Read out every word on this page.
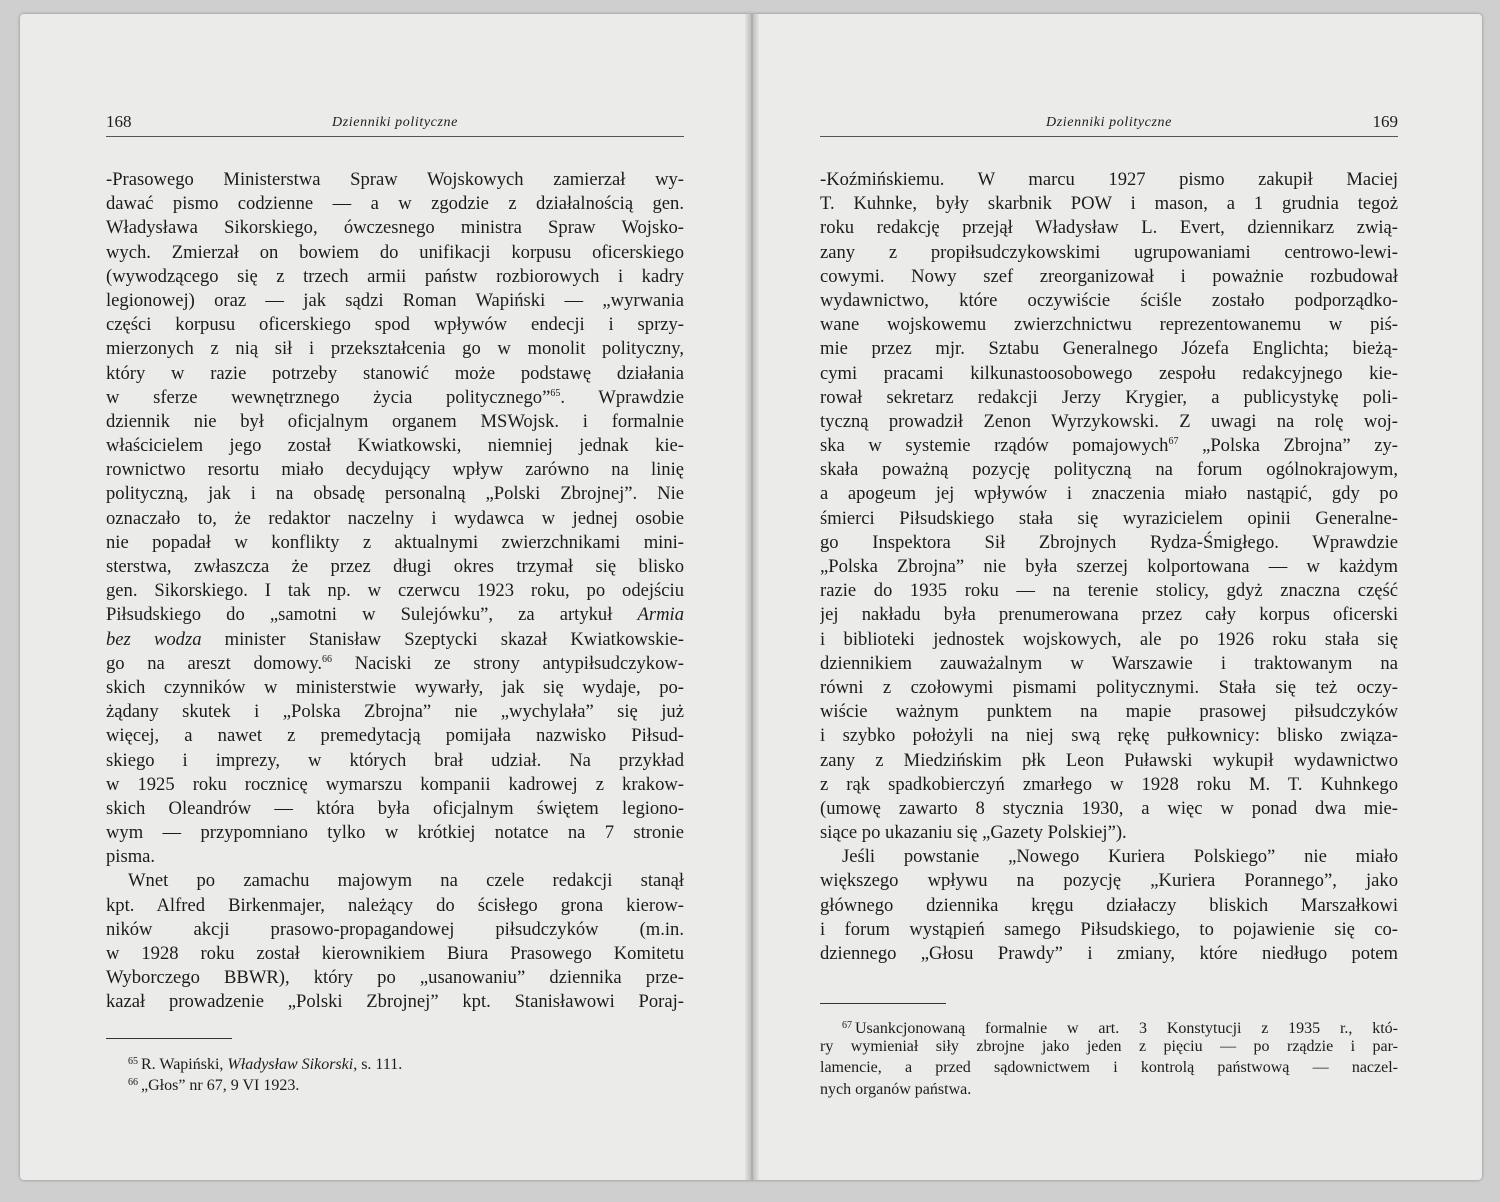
168	Dziennikі polityczne
-Prasowego Ministerstwa Spraw Wojskowych zamierzał wy-
dawać pismo codzienne — a w zgodzie z działalnością gen.
Władysława Sikorskiego, ówczesnego ministra Spraw Wojsko-
wych. Zmierzał on bowiem do unifikacji korpusu oficerskiego
(wywodzącego się z trzech armii państw rozbiorowych i kadry
legionowej) oraz — jak sądzi Roman Wapiński — „wyrwania
części korpusu oficerskiego spod wpływów endecji i sprzy-
mierzonych z nią sił i przekształcenia go w monolit polityczny,
który w razie potrzeby stanowić może podstawę działania
w sferze wewnętrznego życia politycznego”$^{65}$. Wprawdzie
dziennik nie był oficjalnym organem MSWojsk. i formalnie
właścicielem jego został Kwiatkowski, niemniej jednak kie-
rownictwo resortu miało decydujący wpływ zarówno na linię
polityczną, jak i na obsadę personalną „Polski Zbrojnej”. Nie
oznaczało to, że redaktor naczelny i wydawca w jednej osobie
nie popadał w konflikty z aktualnymi zwierzchnikami mini-
sterstwa, zwłaszcza że przez długi okres trzymał się blisko
gen. Sikorskiego. I tak np. w czerwcu 1923 roku, po odejściu
Piłsudskiego do „samotni w Sulejówku”, za artykuł Armia
bez wodza minister Stanisław Szeptycki skazał Kwiatkowskie-
go na areszt domowy.$^{66}$ Naciski ze strony antypiłsudczykow-
skich czynników w ministerstwie wywarły, jak się wydaje, po-
żądany skutek i „Polska Zbrojna” nie „wychylała” się już
więcej, a nawet z premedytacją pomijała nazwisko Piłsud-
skiego i imprezy, w których brał udział. Na przykład
w 1925 roku rocznicę wymarszu kompanii kadrowej z krakow-
skich Oleandrów — która była oficjalnym świętem legiono-
wym — przypomniano tylko w krótkiej notatce na 7 stronie
pisma.
Wnet po zamachu majowym na czele redakcji stanął
kpt. Alfred Birkenmajer, należący do ścisłego grona kierow-
ników akcji prasowo-propagandowej piłsudczyków (m.in.
w 1928 roku został kierownikiem Biura Prasowego Komitetu
Wyborczego BBWR), który po „usanowaniu” dziennika prze-
kazał prowadzenie „Polski Zbrojnej” kpt. Stanisławowi Poraj-
$^{65}$ R. Wapiński, Władysław Sikorski, s. 111.
$^{66}$ „Głos” nr 67, 9 VI 1923.
Dzienniki polityczne	169
-Koźmińskiemu. W marcu 1927 pismo zakupił Maciej
T. Kuhnke, były skarbnik POW i mason, a 1 grudnia tegoż
roku redakcję przejął Władysław L. Evert, dziennikarz zwią-
zany z propiłsudczykowskimi ugrupowaniami centrowo-lewi-
cowymi. Nowy szef zreorganizował i poważnie rozbudował
wydawnictwo, które oczywiście ściśle zostało podporządko-
wane wojskowemu zwierzchnictwu reprezentowanemu w piś-
mie przez mjr. Sztabu Generalnego Józefa Englichta; bieżą-
cymi pracami kilkunastoosobowego zespołu redakcyjnego kie-
rował sekretarz redakcji Jerzy Krygier, a publicystykę poli-
tyczną prowadził Zenon Wyrzykowski. Z uwagi na rolę woj-
ska w systemie rządów pomajowych$^{67}$ „Polska Zbrojna” zy-
skała poważną pozycję polityczną na forum ogólnokrajowym,
a apogeum jej wpływów i znaczenia miało nastąpić, gdy po
śmierci Piłsudskiego stała się wyrazicielem opinii Generalne-
go Inspektora Sił Zbrojnych Rydza-Śmigłego. Wprawdzie
„Polska Zbrojna” nie była szerzej kolportowana — w każdym
razie do 1935 roku — na terenie stolicy, gdyż znaczna część
jej nakładu była prenumerowana przez cały korpus oficerski
i biblioteki jednostek wojskowych, ale po 1926 roku stała się
dziennikiem zauważalnym w Warszawie i traktowanym na
równi z czołowymi pismami politycznymi. Stała się też oczy-
wiście ważnym punktem na mapie prasowej piłsudczyków
i szybko położyli na niej swą rękę pułkownicy: blisko związa-
zany z Miedzińskim płk Leon Puławski wykupił wydawnictwo
z rąk spadkobierczyń zmarłego w 1928 roku M. T. Kuhnkego
(umowę zawarto 8 stycznia 1930, a więc w ponad dwa mie-
siące po ukazaniu się „Gazety Polskiej”).
Jeśli powstanie „Nowego Kuriera Polskiego” nie miało
większego wpływu na pozycję „Kuriera Porannego”, jako
głównego dziennika kręgu działaczy bliskich Marszałkowi
i forum wystąpień samego Piłsudskiego, to pojawienie się co-
dziennego „Głosu Prawdy” i zmiany, które niedługo potem
$^{67}$ Usankcjonowaną formalnie w art. 3 Konstytucji z 1935 r., któ-
ry wymieniał siły zbrojne jako jeden z pięciu — po rządzie i par-
lamencie, a przed sądownictwem i kontrolą państwową — naczel-
nych organów państwa.
